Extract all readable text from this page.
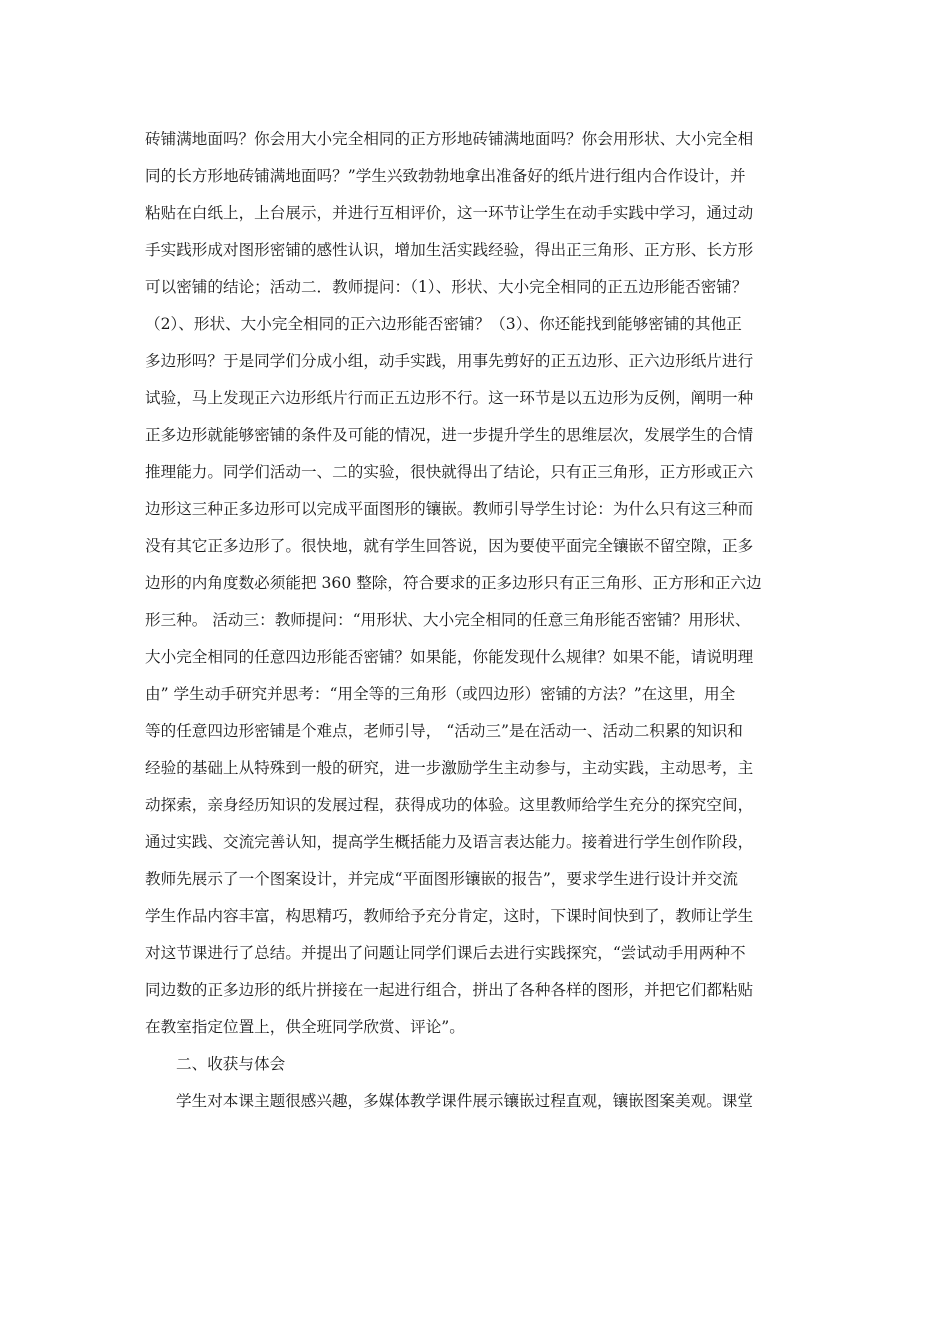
砖铺满地面吗？你会用大小完全相同的正方形地砖铺满地面吗？你会用形状、大小完全相
同的长方形地砖铺满地面吗？”学生兴致勃勃地拿出准备好的纸片进行组内合作设计，并
粘贴在白纸上，上台展示，并进行互相评价，这一环节让学生在动手实践中学习，通过动
手实践形成对图形密铺的感性认识，增加生活实践经验，得出正三角形、正方形、长方形
可以密铺的结论；活动二．教师提问：（1）、形状、大小完全相同的正五边形能否密铺？
（2）、形状、大小完全相同的正六边形能否密铺？（3）、你还能找到能够密铺的其他正
多边形吗？于是同学们分成小组，动手实践，用事先剪好的正五边形、正六边形纸片进行
试验，马上发现正六边形纸片行而正五边形不行。这一环节是以五边形为反例，阐明一种
正多边形就能够密铺的条件及可能的情况，进一步提升学生的思维层次，发展学生的合情
推理能力。同学们活动一、二的实验，很快就得出了结论，只有正三角形，正方形或正六
边形这三种正多边形可以完成平面图形的镶嵌。教师引导学生讨论：为什么只有这三种而
没有其它正多边形了。很快地，就有学生回答说，因为要使平面完全镶嵌不留空隙，正多
边形的内角度数必须能把 360 整除，符合要求的正多边形只有正三角形、正方形和正六边
形三种。 活动三：教师提问：“用形状、大小完全相同的任意三角形能否密铺？用形状、
大小完全相同的任意四边形能否密铺？如果能，你能发现什么规律？如果不能，请说明理
由” 学生动手研究并思考：“用全等的三角形（或四边形）密铺的方法？”在这里，用全
等的任意四边形密铺是个难点，老师引导， “活动三”是在活动一、活动二积累的知识和
经验的基础上从特殊到一般的研究，进一步激励学生主动参与，主动实践，主动思考，主
动探索，亲身经历知识的发展过程，获得成功的体验。这里教师给学生充分的探究空间，
通过实践、交流完善认知，提高学生概括能力及语言表达能力。接着进行学生创作阶段，
教师先展示了一个图案设计，并完成“平面图形镶嵌的报告”，要求学生进行设计并交流
学生作品内容丰富，构思精巧，教师给予充分肯定，这时，下课时间快到了，教师让学生
对这节课进行了总结。并提出了问题让同学们课后去进行实践探究，“尝试动手用两种不
同边数的正多边形的纸片拼接在一起进行组合，拼出了各种各样的图形，并把它们都粘贴
在教室指定位置上，供全班同学欣赏、评论”。
二、收获与体会
学生对本课主题很感兴趣，多媒体教学课件展示镶嵌过程直观，镶嵌图案美观。课堂
